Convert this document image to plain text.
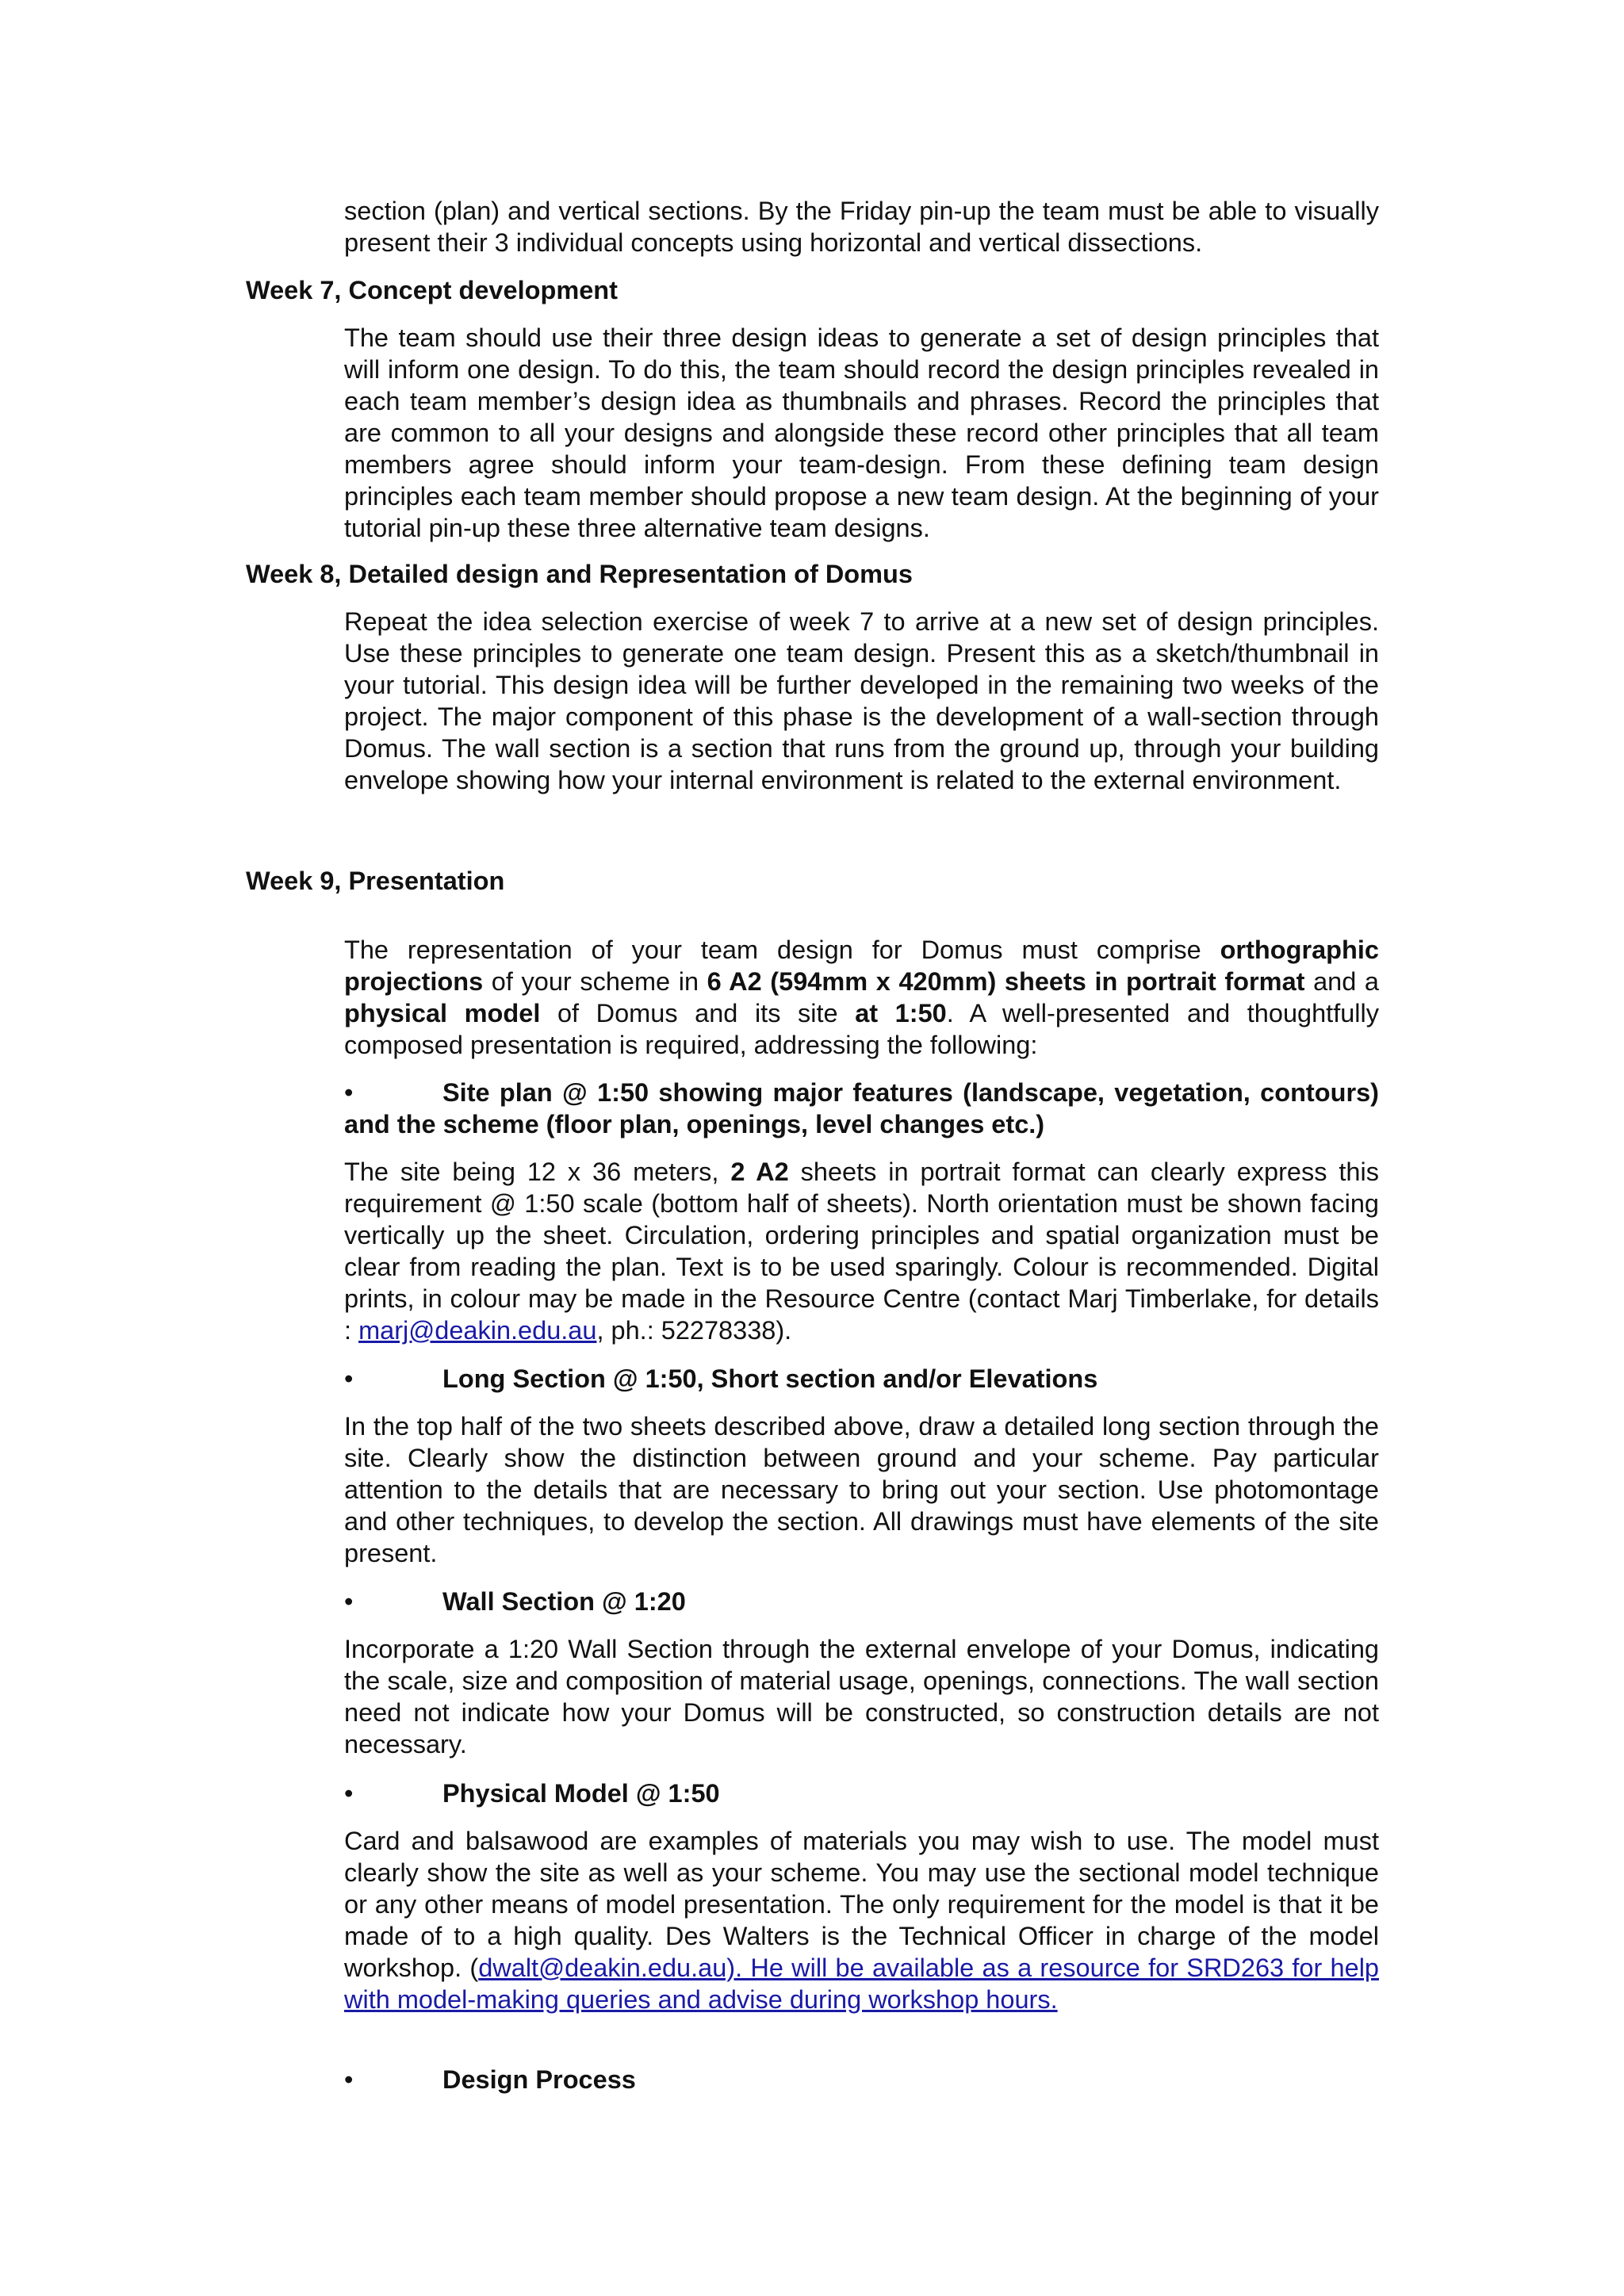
section (plan) and vertical sections. By the Friday pin-up the team must be able to visually present their 3 individual concepts using horizontal and vertical dissections.

Week 7, Concept development

The team should use their three design ideas to generate a set of design principles that will inform one design. To do this, the team should record the design principles revealed in each team member’s design idea as thumbnails and phrases. Record the principles that are common to all your designs and alongside these record other principles that all team members agree should inform your team-design. From these defining team design principles each team member should propose a new team design. At the beginning of your tutorial pin-up these three alternative team designs.

Week 8, Detailed design and Representation of Domus

Repeat the idea selection exercise of week 7 to arrive at a new set of design principles. Use these principles to generate one team design. Present this as a sketch/thumbnail in your tutorial. This design idea will be further developed in the remaining two weeks of the project. The major component of this phase is the development of a wall-section through Domus. The wall section is a section that runs from the ground up, through your building envelope showing how your internal environment is related to the external environment.

Week 9, Presentation

The representation of your team design for Domus must comprise orthographic projections of your scheme in 6 A2 (594mm x 420mm) sheets in portrait format and a physical model of Domus and its site at 1:50. A well-presented and thoughtfully composed presentation is required, addressing the following:

•	Site plan @ 1:50 showing major features (landscape, vegetation, contours) and the scheme (floor plan, openings, level changes etc.)

The site being 12 x 36 meters, 2 A2 sheets in portrait format can clearly express this requirement @ 1:50 scale (bottom half of sheets). North orientation must be shown facing vertically up the sheet. Circulation, ordering principles and spatial organization must be clear from reading the plan. Text is to be used sparingly. Colour is recommended. Digital prints, in colour may be made in the Resource Centre (contact Marj Timberlake, for details : marj@deakin.edu.au, ph.: 52278338).

•	Long Section @ 1:50, Short section and/or Elevations

In the top half of the two sheets described above, draw a detailed long section through the site. Clearly show the distinction between ground and your scheme. Pay particular attention to the details that are necessary to bring out your section. Use photomontage and other techniques, to develop the section. All drawings must have elements of the site present.

•	Wall Section @ 1:20

Incorporate a 1:20 Wall Section through the external envelope of your Domus, indicating the scale, size and composition of material usage, openings, connections. The wall section need not indicate how your Domus will be constructed, so construction details are not necessary.

•	Physical Model @ 1:50

Card and balsawood are examples of materials you may wish to use. The model must clearly show the site as well as your scheme. You may use the sectional model technique or any other means of model presentation. The only requirement for the model is that it be made of to a high quality. Des Walters is the Technical Officer in charge of the model workshop. (dwalt@deakin.edu.au). He will be available as a resource for SRD263 for help with model-making queries and advise during workshop hours.

•	Design Process
